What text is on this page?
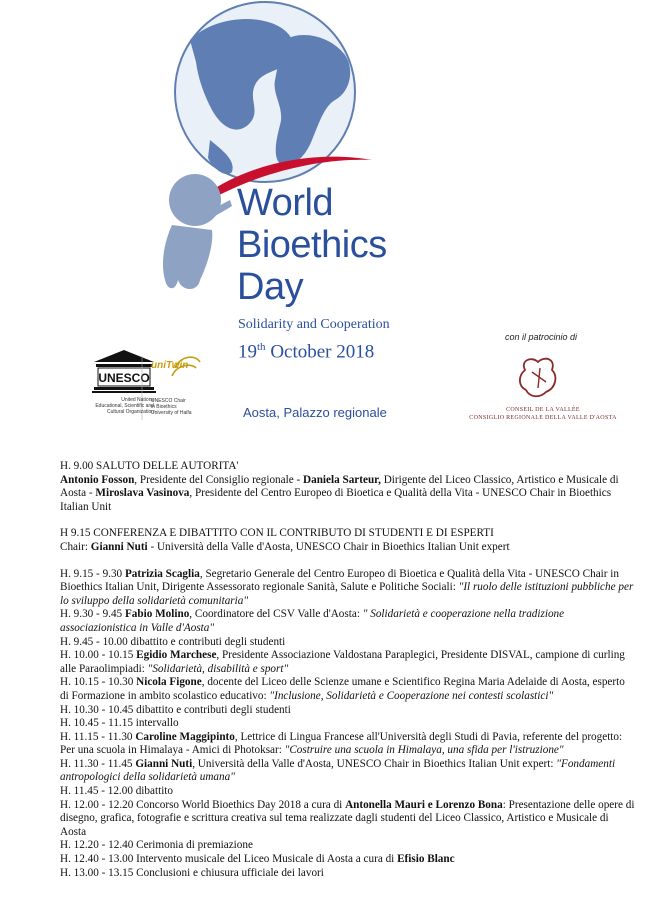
UNESCO
World
Bioethics
Day
Solidarity and Cooperation
19th October 2018
con il patrocinio di
Aosta, Palazzo regionale
United Nations
Educational, Scientific and
Cultural Organization
uniTwin
UNESCO Chair
in Bioethics
University of Haifa	CONSEIL DE LA VALLÉE
CONSIGLIO REGIONALE DELLA VALLE D'AOSTA

H. 9.00 SALUTO DELLE AUTORITA'

Antonio Fosson, Presidente del Consiglio regionale - Daniela Sarteur, Dirigente del Liceo Classico, Artistico e Musicale di Aosta - Miroslava Vasinova, Presidente del Centro Europeo di Bioetica e Qualità della Vita - UNESCO Chair in Bioethics Italian Unit

H 9.15 CONFERENZA E DIBATTITO CON IL CONTRIBUTO DI STUDENTI E DI ESPERTI

Chair: Gianni Nuti - Università della Valle d'Aosta, UNESCO Chair in Bioethics Italian Unit expert

H. 9.15 - 9.30 Patrizia Scaglia, Segretario Generale del Centro Europeo di Bioetica e Qualità della Vita - UNESCO Chair in Bioethics Italian Unit, Dirigente Assessorato regionale Sanità, Salute e Politiche Sociali: "Il ruolo delle istituzioni pubbliche per lo sviluppo della solidarietà comunitaria"

H. 9.30 - 9.45 Fabio Molino, Coordinatore del CSV Valle d'Aosta: " Solidarietà e cooperazione nella tradizione associazionistica in Valle d'Aosta"

H. 9.45 - 10.00 dibattito e contributi degli studenti

H. 10.00 - 10.15 Egidio Marchese, Presidente Associazione Valdostana Paraplegici, Presidente DISVAL, campione di curling alle Paraolimpiadi: "Solidarietà, disabilità e sport"

H. 10.15 - 10.30 Nicola Figone, docente del Liceo delle Scienze umane e Scientifico Regina Maria Adelaide di Aosta, esperto di Formazione in ambito scolastico educativo: "Inclusione, Solidarietà e Cooperazione nei contesti scolastici"

H. 10.30 - 10.45 dibattito e contributi degli studenti

H. 10.45 - 11.15 intervallo

H. 11.15 - 11.30 Caroline Maggipinto, Lettrice di Lingua Francese all'Università degli Studi di Pavia, referente del progetto: Per una scuola in Himalaya - Amici di Photoksar: "Costruire una scuola in Himalaya, una sfida per l'istruzione"

H. 11.30 - 11.45 Gianni Nuti, Università della Valle d'Aosta, UNESCO Chair in Bioethics Italian Unit expert: "Fondamenti antropologici della solidarietà umana"

H. 11.45 - 12.00 dibattito

H. 12.00 - 12.20 Concorso World Bioethics Day 2018 a cura di Antonella Mauri e Lorenzo Bona: Presentazione delle opere di disegno, grafica, fotografie e scrittura creativa sul tema realizzate dagli studenti del Liceo Classico, Artistico e Musicale di Aosta

H. 12.20 - 12.40 Cerimonia di premiazione

H. 12.40 - 13.00 Intervento musicale del Liceo Musicale di Aosta a cura di Efisio Blanc

H. 13.00 - 13.15 Conclusioni e chiusura ufficiale dei lavori
